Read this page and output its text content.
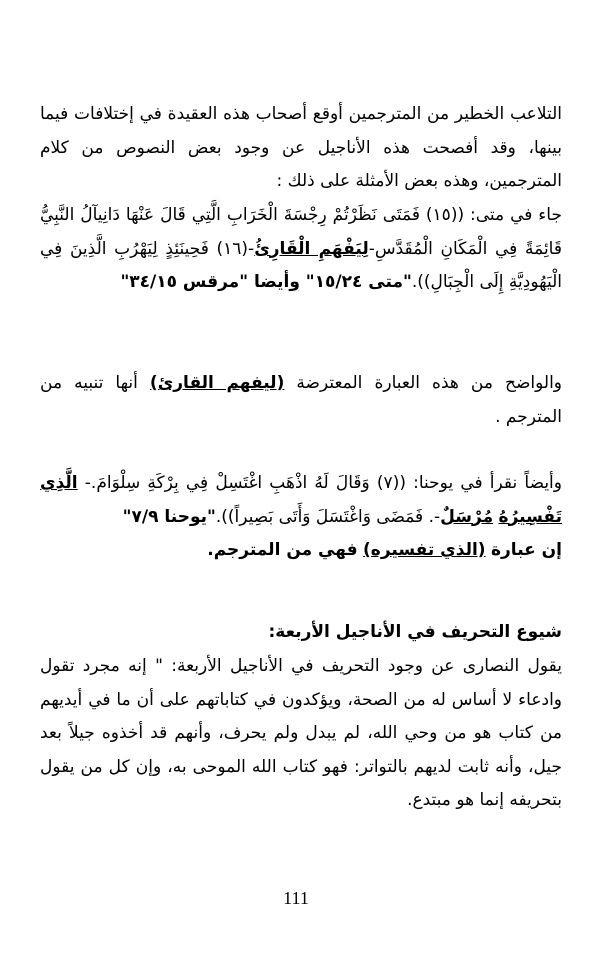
التلاعب الخطير من المترجمين أوقع أصحاب هذه العقيدة في إختلافات فيما بينها، وقد أفصحت هذه الأناجيل عن وجود بعض النصوص من كلام المترجمين، وهذه بعض الأمثلة على ذلك :

جاء في متى: ((١٥) فَمَتَى نَظَرْتُمْ رِجْسَةَ الْخَرَابِ الَّتِي قَالَ عَنْهَا دَانِيآلُ النَّبِيُّ قَائِمَةً فِي الْمَكَانِ الْمُقَدَّسِ-لِيَفْهَمِ الْقَارِئُ-(١٦) فَحِينَئِذٍ لِيَهْرُبِ الَّذِينَ فِي الْيَهُودِيَّةِ إِلَى الْجِبَالِ))."متى ١٥/٢٤" وأيضا "مرقس ٣٤/١٥"

والواضح من هذه العبارة المعترضة (ليفهم القارئ) أنها تنبيه من المترجم .

وأيضاً نقرأ في يوحنا: ((٧) وَقَالَ لَهُ اذْهَبِ اغْتَسِلْ فِي بِرْكَةِ سِلْوَامَ.- الَّذِي تَفْسِيرُهُ مُرْسَلٌ-. فَمَضَى وَاغْتَسَلَ وَأَتَى بَصِيراً))."يوحنا ٧/٩"
إن عبارة (الذي تفسيره) فهي من المترجم.

شيوع التحريف في الأناجيل الأربعة:

يقول النصارى عن وجود التحريف في الأناجيل الأربعة: " إنه مجرد تقول وادعاء لا أساس له من الصحة، ويؤكدون في كتاباتهم على أن ما في أيديهم من كتاب هو من وحي الله، لم يبدل ولم يحرف، وأنهم قد أخذوه جيلاً بعد جيل، وأنه ثابت لديهم بالتواتر: فهو كتاب الله الموحى به، وإن كل من يقول بتحريفه إنما هو مبتدع.

111
